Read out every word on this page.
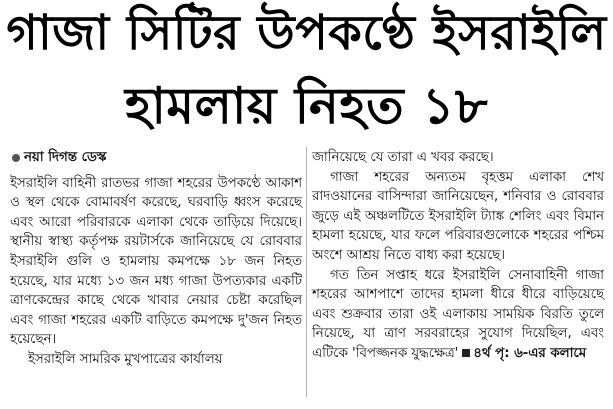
গাজা সিটির উপকণ্ঠে ইসরাইলি
হামলায় নিহত ১৮
নয়া দিগন্ত ডেস্ক

ইসরাইলি বাহিনী রাতভর গাজা শহরের উপকণ্ঠে আকাশ ও স্থল থেকে বোমাবর্ষণ করেছে, ঘরবাড়ি ধ্বংস করেছে এবং আরো পরিবারকে এলাকা থেকে তাড়িয়ে দিয়েছে। স্থানীয় স্বাস্থ্য কর্তৃপক্ষ রয়টার্সকে জানিয়েছে যে রোববার ইসরাইলি গুলি ও হামলায় কমপক্ষে ১৮ জন নিহত হয়েছে, যার মধ্যে ১৩ জন মধ্য গাজা উপত্যকার একটি ত্রাণকেন্দ্রের কাছে থেকে খাবার নেয়ার চেষ্টা করেছিল এবং গাজা শহরের একটি বাড়িতে কমপক্ষে দু'জন নিহত হয়েছেন।

ইসরাইলি সামরিক মুখপাত্রের কার্যালয়

জানিয়েছে যে তারা এ খবর করছে।

গাজা শহরের অন্যতম বৃহত্তম এলাকা শেখ রাদওয়ানের বাসিন্দারা জানিয়েছেন, শনিবার ও রোববার জুড়ে এই অঞ্চলটিতে ইসরাইলি ট্যাঙ্ক শেলিং এবং বিমান হামলা হয়েছে, যার ফলে পরিবারগুলোকে শহরের পশ্চিম অংশে আশ্রয় নিতে বাধ্য করা হয়েছে।

গত তিন সপ্তাহ ধরে ইসরাইলি সেনাবাহিনী গাজা শহরের আশপাশে তাদের হামলা ধীরে ধীরে বাড়িয়েছে এবং শুক্রবার তারা ওই এলাকায় সাময়িক বিরতি তুলে নিয়েছে, যা ত্রাণ সরবরাহের সুযোগ দিয়েছিল, এবং এটিকে 'বিপজ্জনক যুদ্ধক্ষেত্র' ৪র্থ পৃ: ৬-এর কলামে
